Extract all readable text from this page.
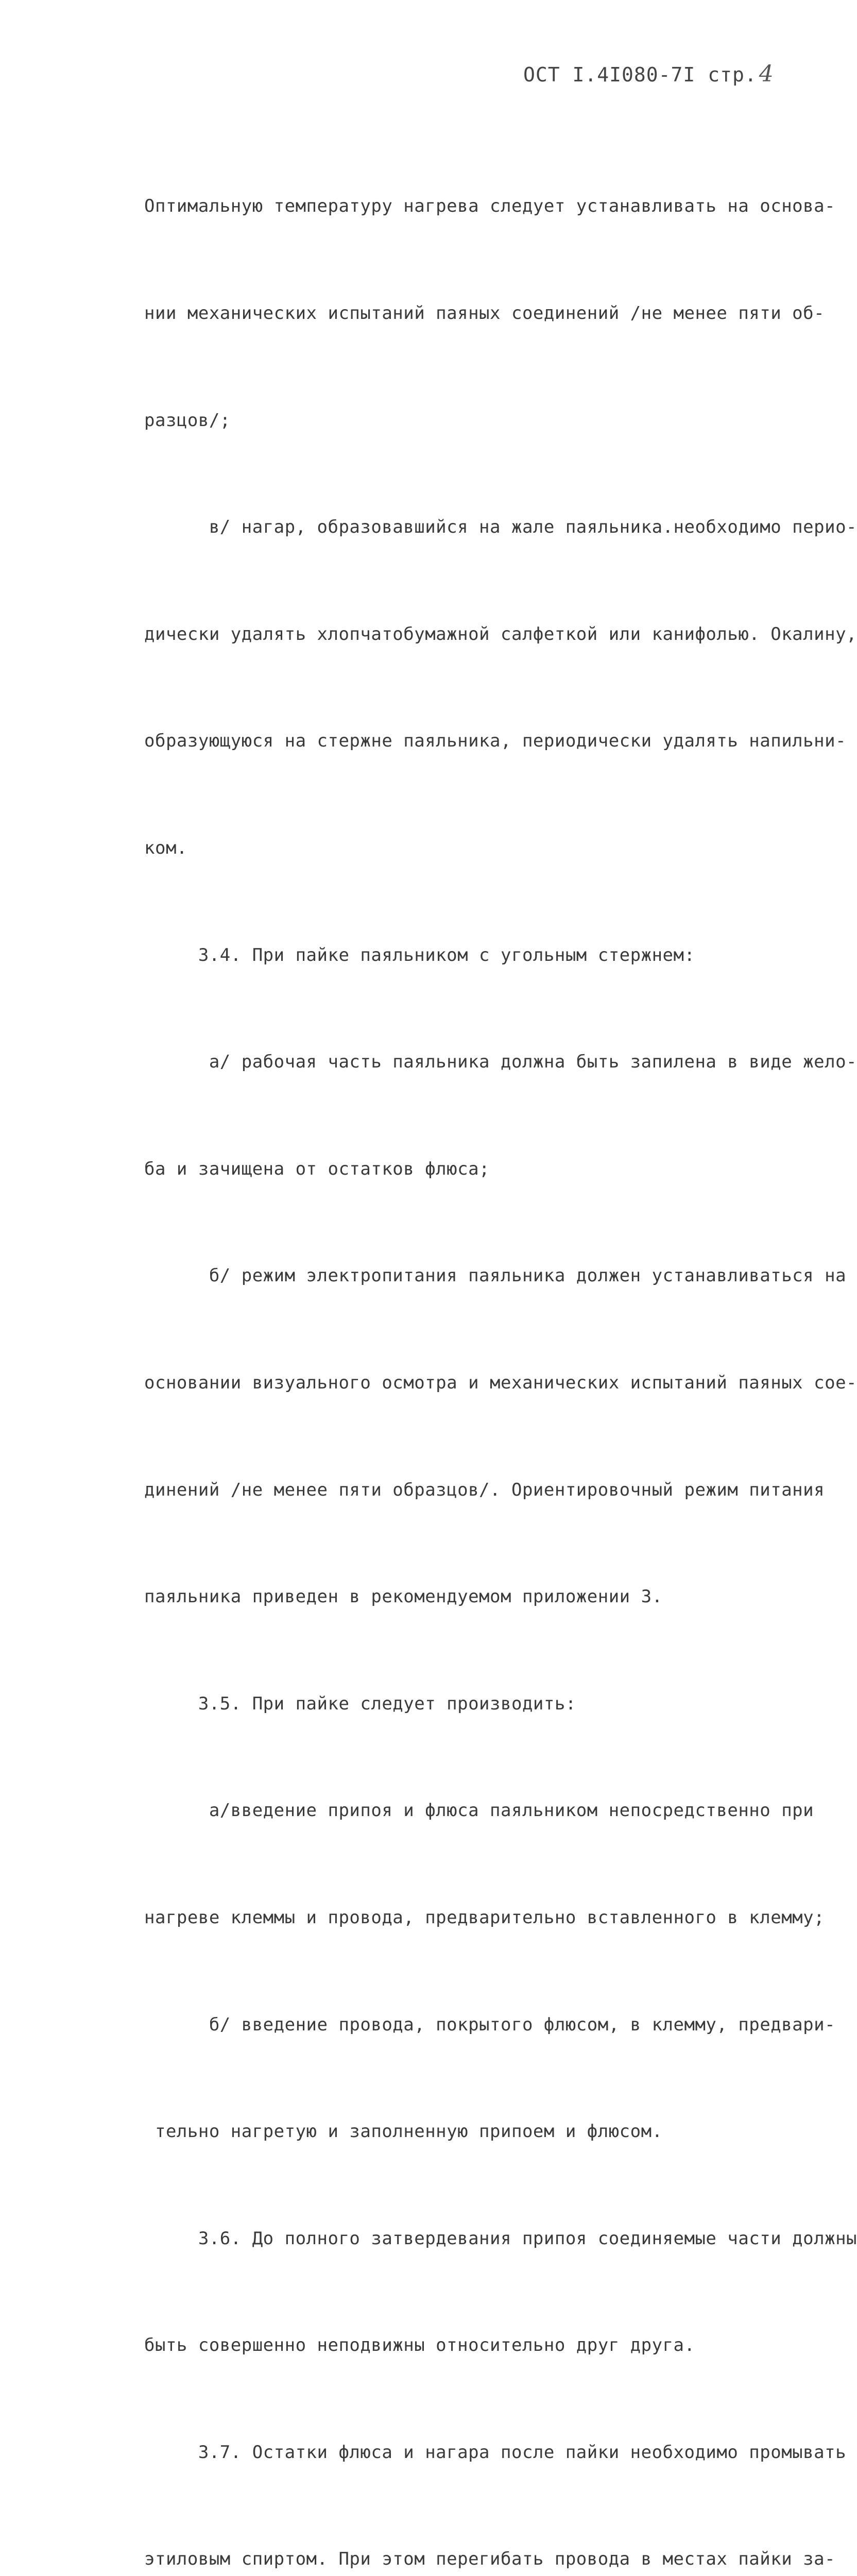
ОСТ I.4I080-7I стр.4

Оптимальную температуру нагрева следует устанавливать на основа-

нии механических испытаний паяных соединений /не менее пяти об-

разцов/;

в/ нагар, образовавшийся на жале паяльника.необходимо перио-

дически удалять хлопчатобумажной салфеткой или канифолью. Окалину,

образующуюся на стержне паяльника, периодически удалять напильни-

ком.

3.4. При пайке паяльником с угольным стержнем:

а/ рабочая часть паяльника должна быть запилена в виде жело-

ба и зачищена от остатков флюса;

б/ режим электропитания паяльника должен устанавливаться на

основании визуального осмотра и механических испытаний паяных сое-

динений /не менее пяти образцов/. Ориентировочный режим питания

паяльника приведен в рекомендуемом приложении 3.

3.5. При пайке следует производить:

а/введение припоя и флюса паяльником непосредственно при

нагреве клеммы и провода, предварительно вставленного в клемму;

б/ введение провода, покрытого флюсом, в клемму, предвари-

тельно нагретую и заполненную припоем и флюсом.

3.6. До полного затвердевания припоя соединяемые части должны

быть совершенно неподвижны относительно друг друга.

3.7. Остатки флюса и нагара после пайки необходимо промывать

этиловым спиртом. При этом перегибать провода в местах пайки за-
